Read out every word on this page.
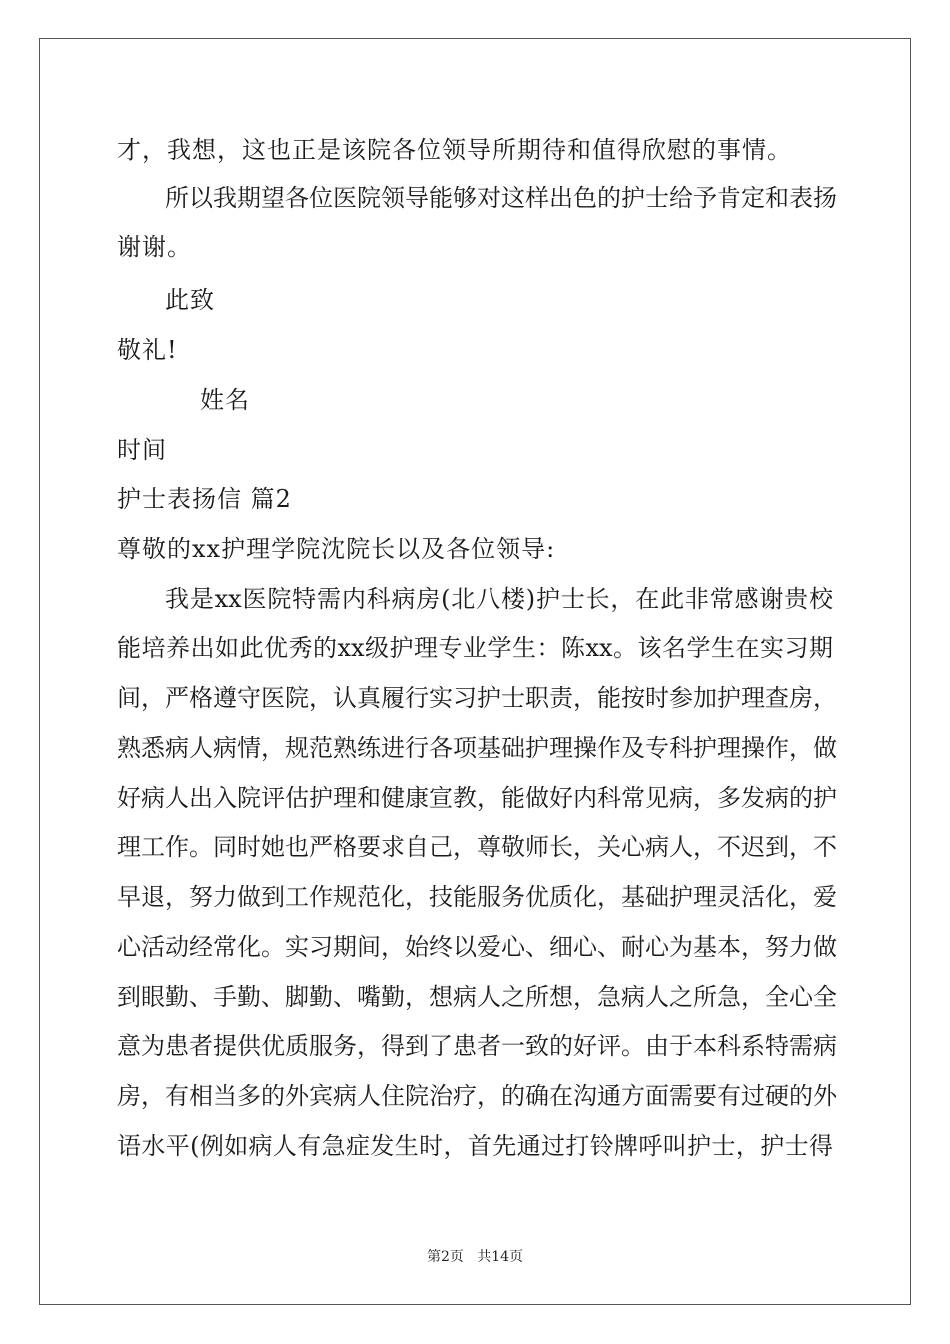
才，我想，这也正是该院各位领导所期待和值得欣慰的事情。
所以我期望各位医院领导能够对这样出色的护士给予肯定和表扬
谢谢。
此致
敬礼!
姓名
时间
护士表扬信 篇2
尊敬的xx护理学院沈院长以及各位领导:
我是xx医院特需内科病房(北八楼)护士长，在此非常感谢贵校
能培养出如此优秀的xx级护理专业学生：陈xx。该名学生在实习期
间，严格遵守医院，认真履行实习护士职责，能按时参加护理查房，
熟悉病人病情，规范熟练进行各项基础护理操作及专科护理操作，做
好病人出入院评估护理和健康宣教，能做好内科常见病，多发病的护
理工作。同时她也严格要求自己，尊敬师长，关心病人，不迟到，不
早退，努力做到工作规范化，技能服务优质化，基础护理灵活化，爱
心活动经常化。实习期间，始终以爱心、细心、耐心为基本，努力做
到眼勤、手勤、脚勤、嘴勤，想病人之所想，急病人之所急，全心全
意为患者提供优质服务，得到了患者一致的好评。由于本科系特需病
房，有相当多的外宾病人住院治疗，的确在沟通方面需要有过硬的外
语水平(例如病人有急症发生时，首先通过打铃牌呼叫护士，护士得
第2页   共14页
